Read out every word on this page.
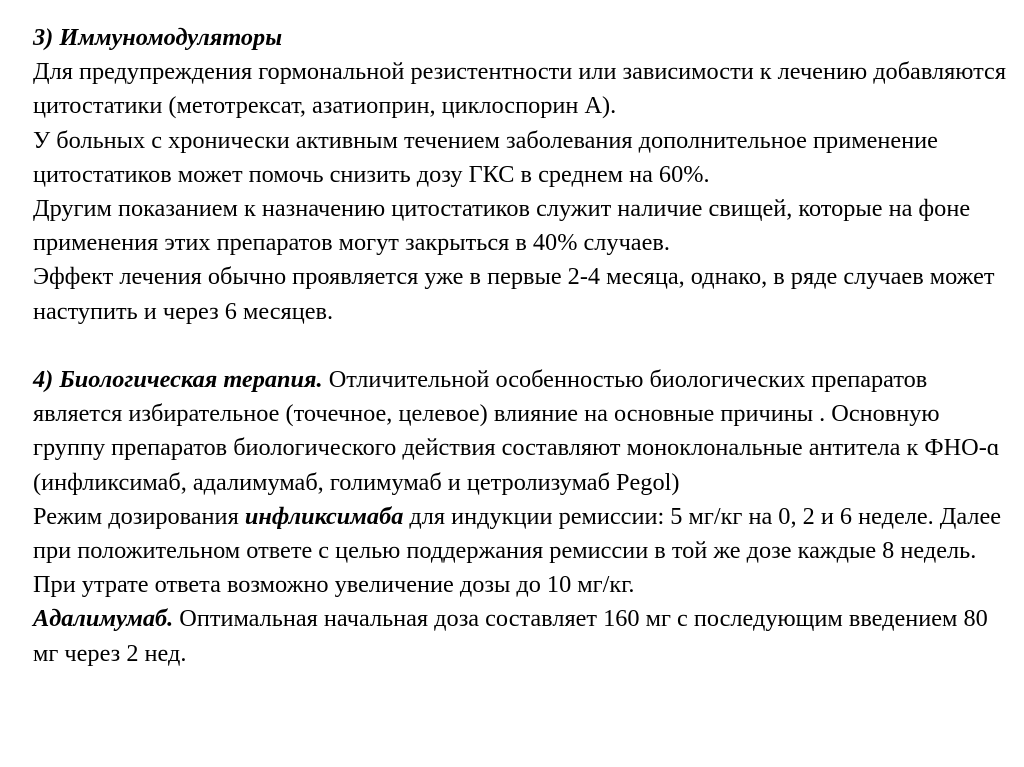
3) Иммуномодуляторы

Для предупреждения гормональной резистентности или зависимости к лечению добавляются цитостатики (метотрексат, азатиоприн, циклоспорин А).

У больных с хронически активным течением заболевания дополнительное применение цитостатиков может помочь снизить дозу ГКС в среднем на 60%.

Другим показанием к назначению цитостатиков служит наличие свищей, которые на фоне применения этих препаратов могут закрыться в 40% случаев.

Эффект лечения обычно проявляется уже в первые 2-4 месяца, однако, в ряде случаев может наступить и через 6 месяцев.

4) Биологическая терапия. Отличительной особенностью биологических препаратов является избирательное (точечное, целевое) влияние на основные причины . Основную группу препаратов биологического действия составляют моноклональные антитела к ФНО-ɑ (инфликсимаб, адалимумаб, голимумаб и цетролизумаб Pegol)

Режим дозирования инфликсимаба для индукции ремиссии: 5 мг/кг на 0, 2 и 6 неделе. Далее при положительном ответе с целью поддержания ремиссии в той же дозе каждые 8 недель. При утрате ответа возможно увеличение дозы до 10 мг/кг.

Адалимумаб. Оптимальная начальная доза составляет 160 мг с последующим введением 80 мг через 2 нед.
